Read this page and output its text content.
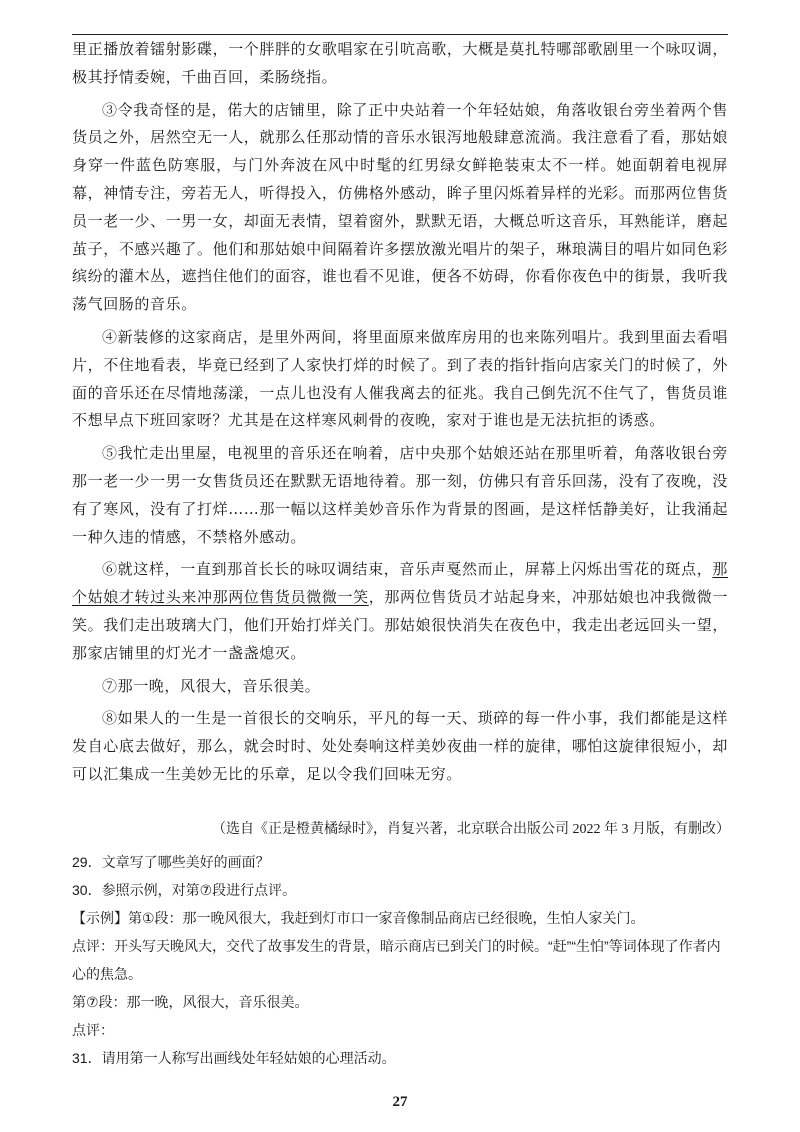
里正播放着镭射影碟，一个胖胖的女歌唱家在引吭高歌，大概是莫扎特哪部歌剧里一个咏叹调，极其抒情委婉，千曲百回，柔肠绕指。

③令我奇怪的是，偌大的店铺里，除了正中央站着一个年轻姑娘，角落收银台旁坐着两个售货员之外，居然空无一人，就那么任那动情的音乐水银泻地般肆意流淌。我注意看了看，那姑娘身穿一件蓝色防寒服，与门外奔波在风中时髦的红男绿女鲜艳装束太不一样。她面朝着电视屏幕，神情专注，旁若无人，听得投入，仿佛格外感动，眸子里闪烁着异样的光彩。而那两位售货员一老一少、一男一女，却面无表情，望着窗外，默默无语，大概总听这音乐，耳熟能详，磨起茧子，不感兴趣了。他们和那姑娘中间隔着许多摆放激光唱片的架子，琳琅满目的唱片如同色彩缤纷的灌木丛，遮挡住他们的面容，谁也看不见谁，便各不妨碍，你看你夜色中的街景，我听我荡气回肠的音乐。

④新装修的这家商店，是里外两间，将里面原来做库房用的也来陈列唱片。我到里面去看唱片，不住地看表，毕竟已经到了人家快打烊的时候了。到了表的指针指向店家关门的时候了，外面的音乐还在尽情地荡漾，一点儿也没有人催我离去的征兆。我自己倒先沉不住气了，售货员谁不想早点下班回家呀？尤其是在这样寒风刺骨的夜晚，家对于谁也是无法抗拒的诱惑。

⑤我忙走出里屋，电视里的音乐还在响着，店中央那个姑娘还站在那里听着，角落收银台旁那一老一少一男一女售货员还在默默无语地待着。那一刻，仿佛只有音乐回荡，没有了夜晚，没有了寒风，没有了打烊……那一幅以这样美妙音乐作为背景的图画，是这样恬静美好，让我涌起一种久违的情感，不禁格外感动。

⑥就这样，一直到那首长长的咏叹调结束，音乐声戛然而止，屏幕上闪烁出雪花的斑点，那个姑娘才转过头来冲那两位售货员微微一笑，那两位售货员才站起身来，冲那姑娘也冲我微微一笑。我们走出玻璃大门，他们开始打烊关门。那姑娘很快消失在夜色中，我走出老远回头一望，那家店铺里的灯光才一盏盏熄灭。

⑦那一晚，风很大，音乐很美。

⑧如果人的一生是一首很长的交响乐，平凡的每一天、琐碎的每一件小事，我们都能是这样发自心底去做好，那么，就会时时、处处奏响这样美妙夜曲一样的旋律，哪怕这旋律很短小，却可以汇集成一生美妙无比的乐章，足以令我们回味无穷。

（选自《正是橙黄橘绿时》，肖复兴著，北京联合出版公司 2022 年 3 月版，有删改）

29．文章写了哪些美好的画面？

30．参照示例，对第⑦段进行点评。

【示例】第①段：那一晚风很大，我赶到灯市口一家音像制品商店已经很晚，生怕人家关门。

点评：开头写天晚风大，交代了故事发生的背景，暗示商店已到关门的时候。“赶”“生怕”等词体现了作者内心的焦急。

第⑦段：那一晚，风很大，音乐很美。

点评：

31．请用第一人称写出画线处年轻姑娘的心理活动。

27
